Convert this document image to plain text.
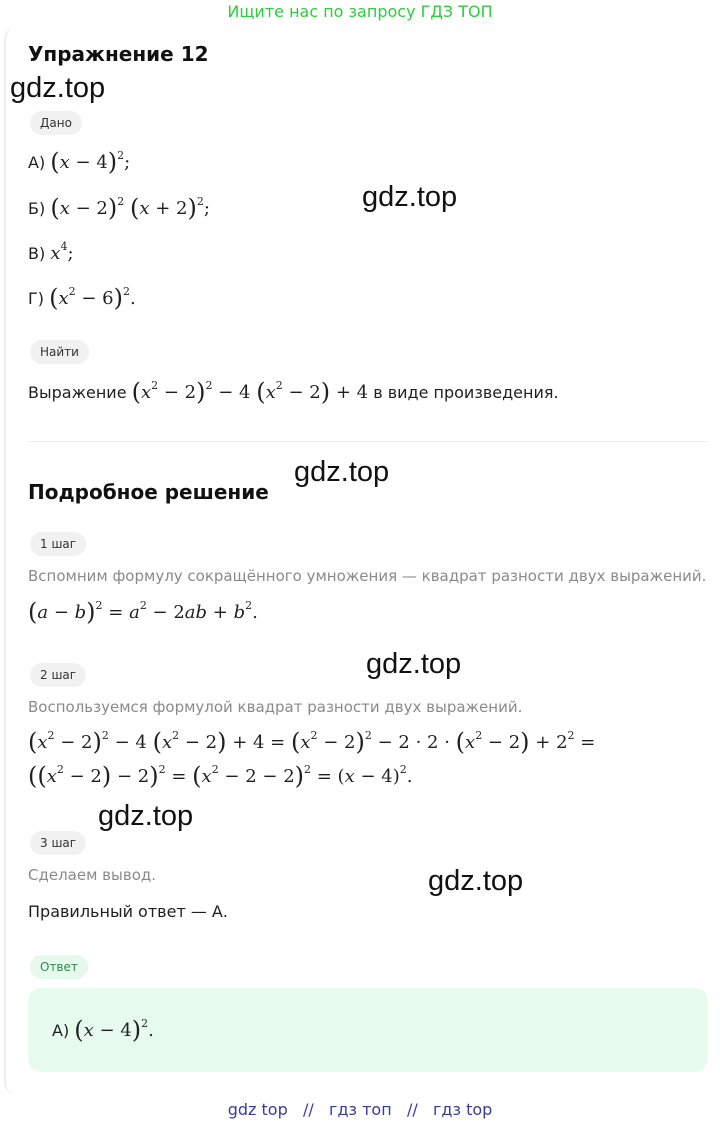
Ищите нас по запросу ГДЗ ТОП
Упражнение 12
gdz.top
Дано
А) $(x - 4)^2$;
Б) $(x - 2)^2$ $(x + 2)^2$;
В) $x^4$;
Г) $(x^2 - 6)^2$.
gdz.top
Найти
Выражение $(x^2 - 2)^2 - 4$ $(x^2 - 2) + 4$ в виде произведения.
Подробное решение
gdz.top
1 шаг
Вспомним формулу сокращённого умножения — квадрат разности двух выражений.
$(a - b)^2 = a^2 - 2ab + b^2$.
gdz.top
2 шаг
Воспользуемся формулой квадрат разности двух выражений.
$(x^2 - 2)^2 - 4$ $(x^2 - 2) + 4 = (x^2 - 2)^2 - 2 \cdot 2 \cdot (x^2 - 2) + 2^2$ =
$((x^2 - 2) - 2)^2 = (x^2 - 2 - 2)^2 = (x - 4)^2$.
gdz.top
3 шаг
Сделаем вывод.
Правильный ответ — А.
gdz.top
Ответ
А) $(x - 4)^2$.
gdz top // гдз топ // гдз top
